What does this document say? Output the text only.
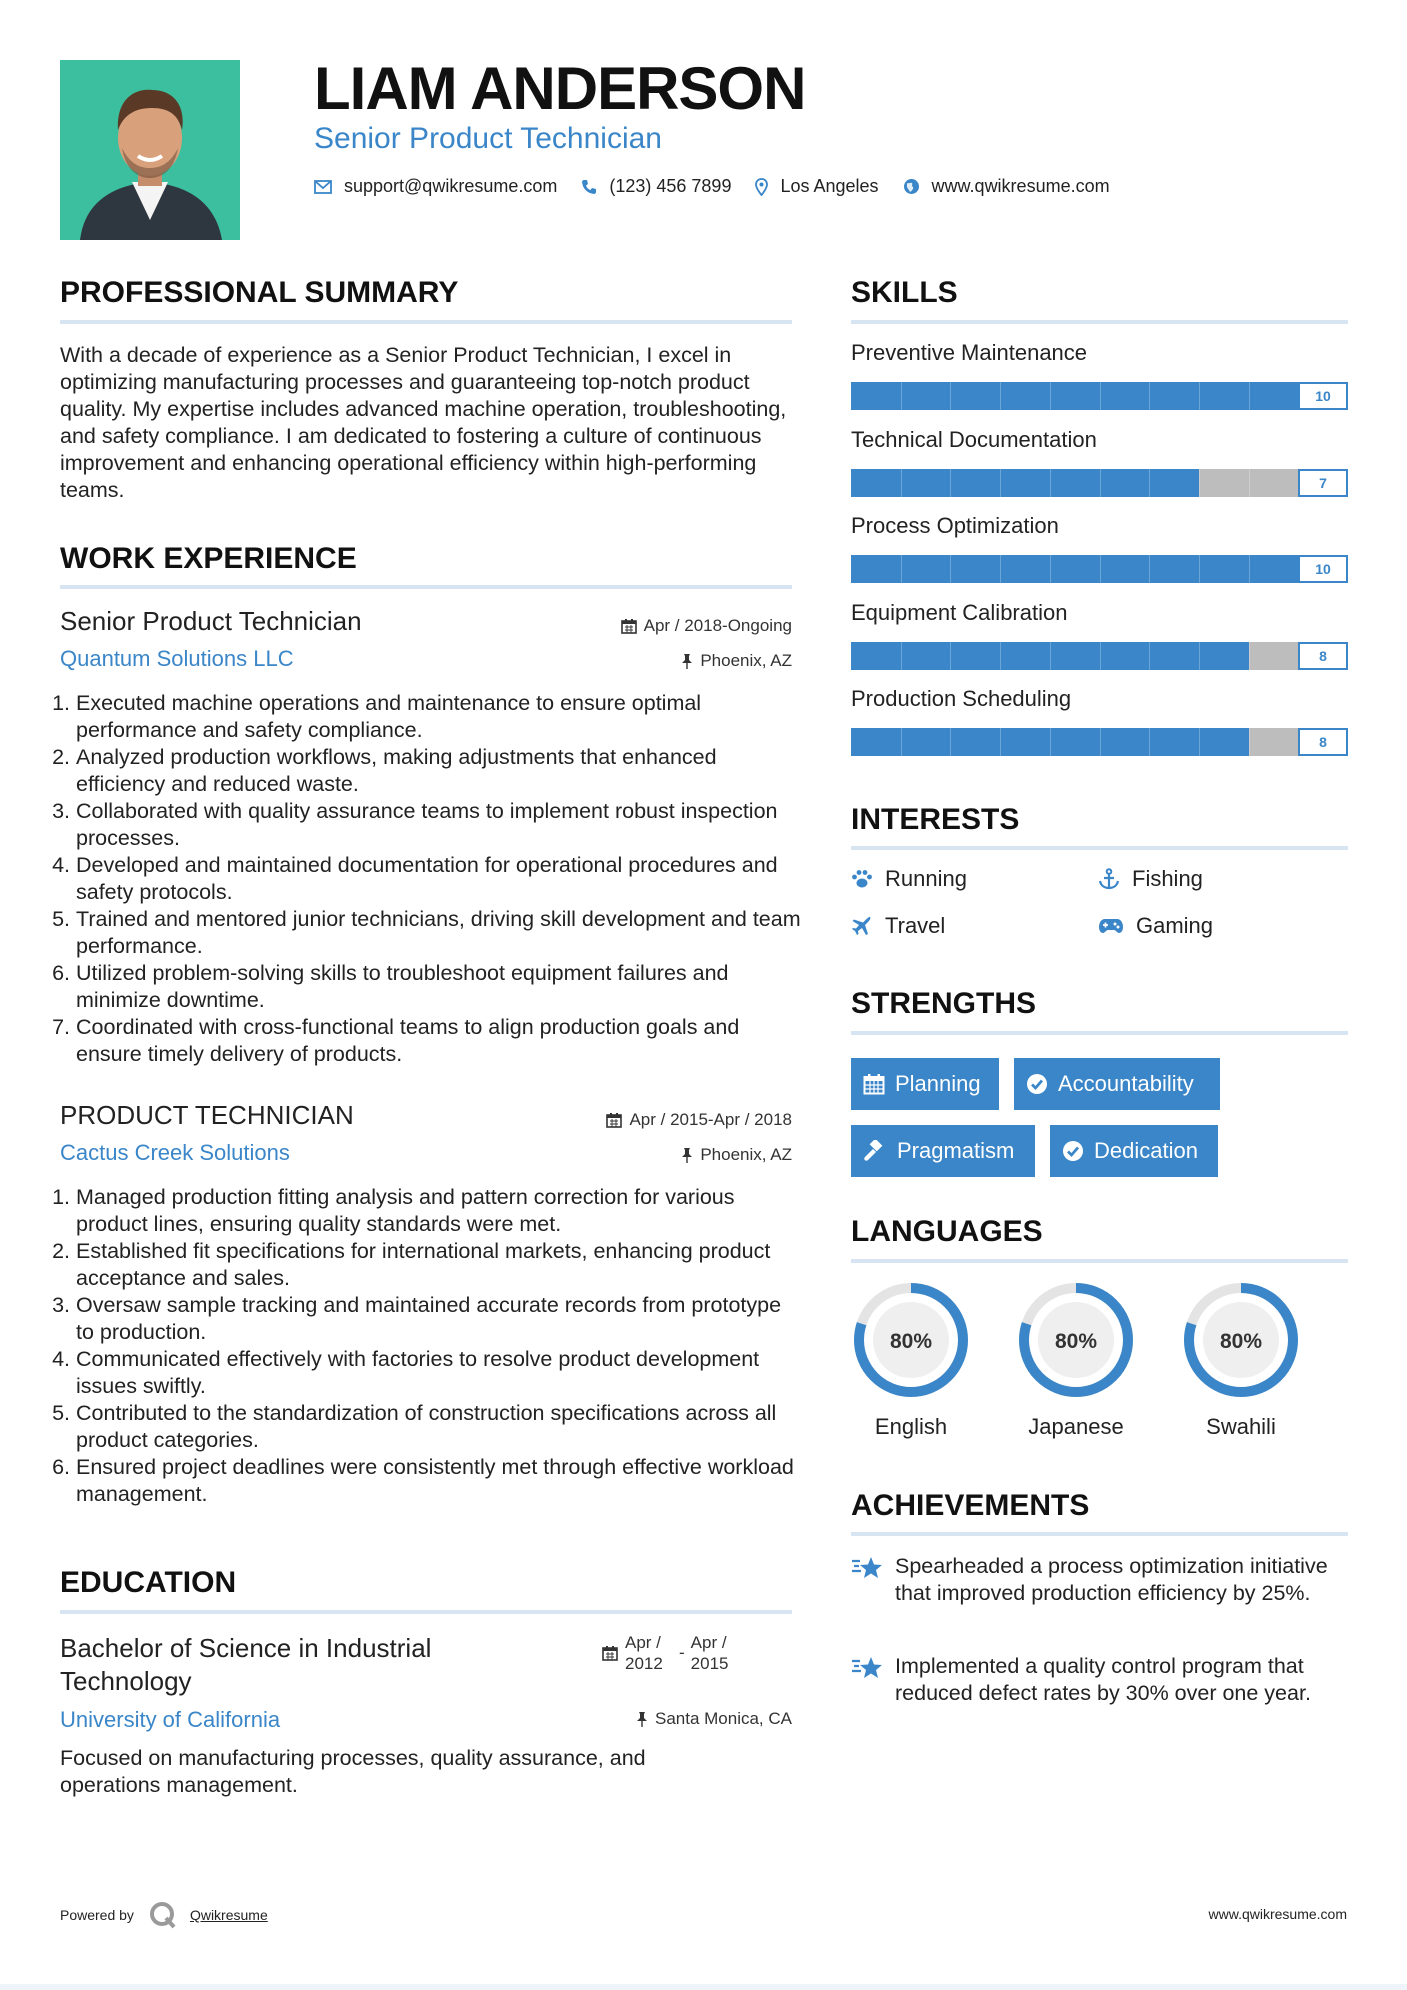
LIAM ANDERSON
Senior Product Technician
support@qwikresume.com	(123) 456 7899	Los Angeles	www.qwikresume.com
PROFESSIONAL SUMMARY
With a decade of experience as a Senior Product Technician, I excel in optimizing manufacturing processes and guaranteeing top-notch product quality. My expertise includes advanced machine operation, troubleshooting, and safety compliance. I am dedicated to fostering a culture of continuous improvement and enhancing operational efficiency within high-performing teams.
WORK EXPERIENCE
Senior Product Technician	Apr / 2018-Ongoing
Quantum Solutions LLC	Phoenix, AZ
1. Executed machine operations and maintenance to ensure optimal performance and safety compliance.
2. Analyzed production workflows, making adjustments that enhanced efficiency and reduced waste.
3. Collaborated with quality assurance teams to implement robust inspection processes.
4. Developed and maintained documentation for operational procedures and safety protocols.
5. Trained and mentored junior technicians, driving skill development and team performance.
6. Utilized problem-solving skills to troubleshoot equipment failures and minimize downtime.
7. Coordinated with cross-functional teams to align production goals and ensure timely delivery of products.
PRODUCT TECHNICIAN	Apr / 2015-Apr / 2018
Cactus Creek Solutions	Phoenix, AZ
1. Managed production fitting analysis and pattern correction for various product lines, ensuring quality standards were met.
2. Established fit specifications for international markets, enhancing product acceptance and sales.
3. Oversaw sample tracking and maintained accurate records from prototype to production.
4. Communicated effectively with factories to resolve product development issues swiftly.
5. Contributed to the standardization of construction specifications across all product categories.
6. Ensured project deadlines were consistently met through effective workload management.
EDUCATION
Bachelor of Science in Industrial Technology
Apr / 2012
-
Apr / 2015
University of California	Santa Monica, CA
Focused on manufacturing processes, quality assurance, and operations management.
SKILLS
Preventive Maintenance
10
Technical Documentation
7
Process Optimization
10
Equipment Calibration
8
Production Scheduling
8
INTERESTS
Running	Fishing
Travel	Gaming
STRENGTHS
Planning	Accountability
Pragmatism	Dedication
LANGUAGES
80%
English
80%
Japanese
80%
Swahili
ACHIEVEMENTS
Spearheaded a process optimization initiative that improved production efficiency by 25%.
Implemented a quality control program that reduced defect rates by 30% over one year.
Powered by	Qwikresume	www.qwikresume.com
